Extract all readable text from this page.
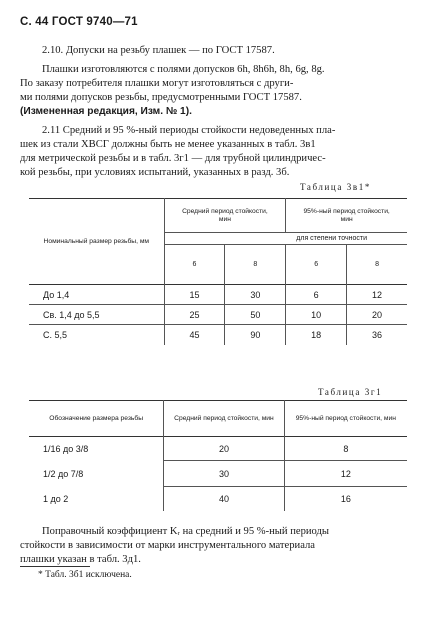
С. 44 ГОСТ 9740—71
2.10. Допуски на резьбу плашек — по ГОСТ 17587.
Плашки изготовляются с полями допусков 6h, 8h6h, 8h, 6g, 8g.
По заказу потребителя плашки могут изготовляться с други-
ми полями допусков резьбы, предусмотренными ГОСТ 17587.
(Измененная редакция, Изм. № 1).
2.11 Средний и 95 %-ный периоды стойкости недоведенных пла-
шек из стали ХВСГ должны быть не менее указанных в табл. 3в1
для метрической резьбы и в табл. 3г1 — для трубной цилиндричес-
кой резьбы, при условиях испытаний, указанных в разд. 3б.
Таблица 3в1*
Номинальный размер резьбы, мм	Средний период стойкости, мин		95%-ный период стойкости, мин	
	для степени точности			
	6	8	6	8
До 1,4	15	30	6	12
Св. 1,4 до 5,5	25	50	10	20
С. 5,5	45	90	18	36
Таблица 3г1
Обозначение размера резьбы	Средний период стойкости, мин	95%-ный период стойкости, мин
1/16 до 3/8	20	8
1/2 до 7/8	30	12
1 до 2	40	16
Поправочный коэффициент Kᵣ на средний и 95 %-ный периоды
стойкости в зависимости от марки инструментального материала
плашки указан в табл. 3д1.
* Табл. 3б1 исключена.
